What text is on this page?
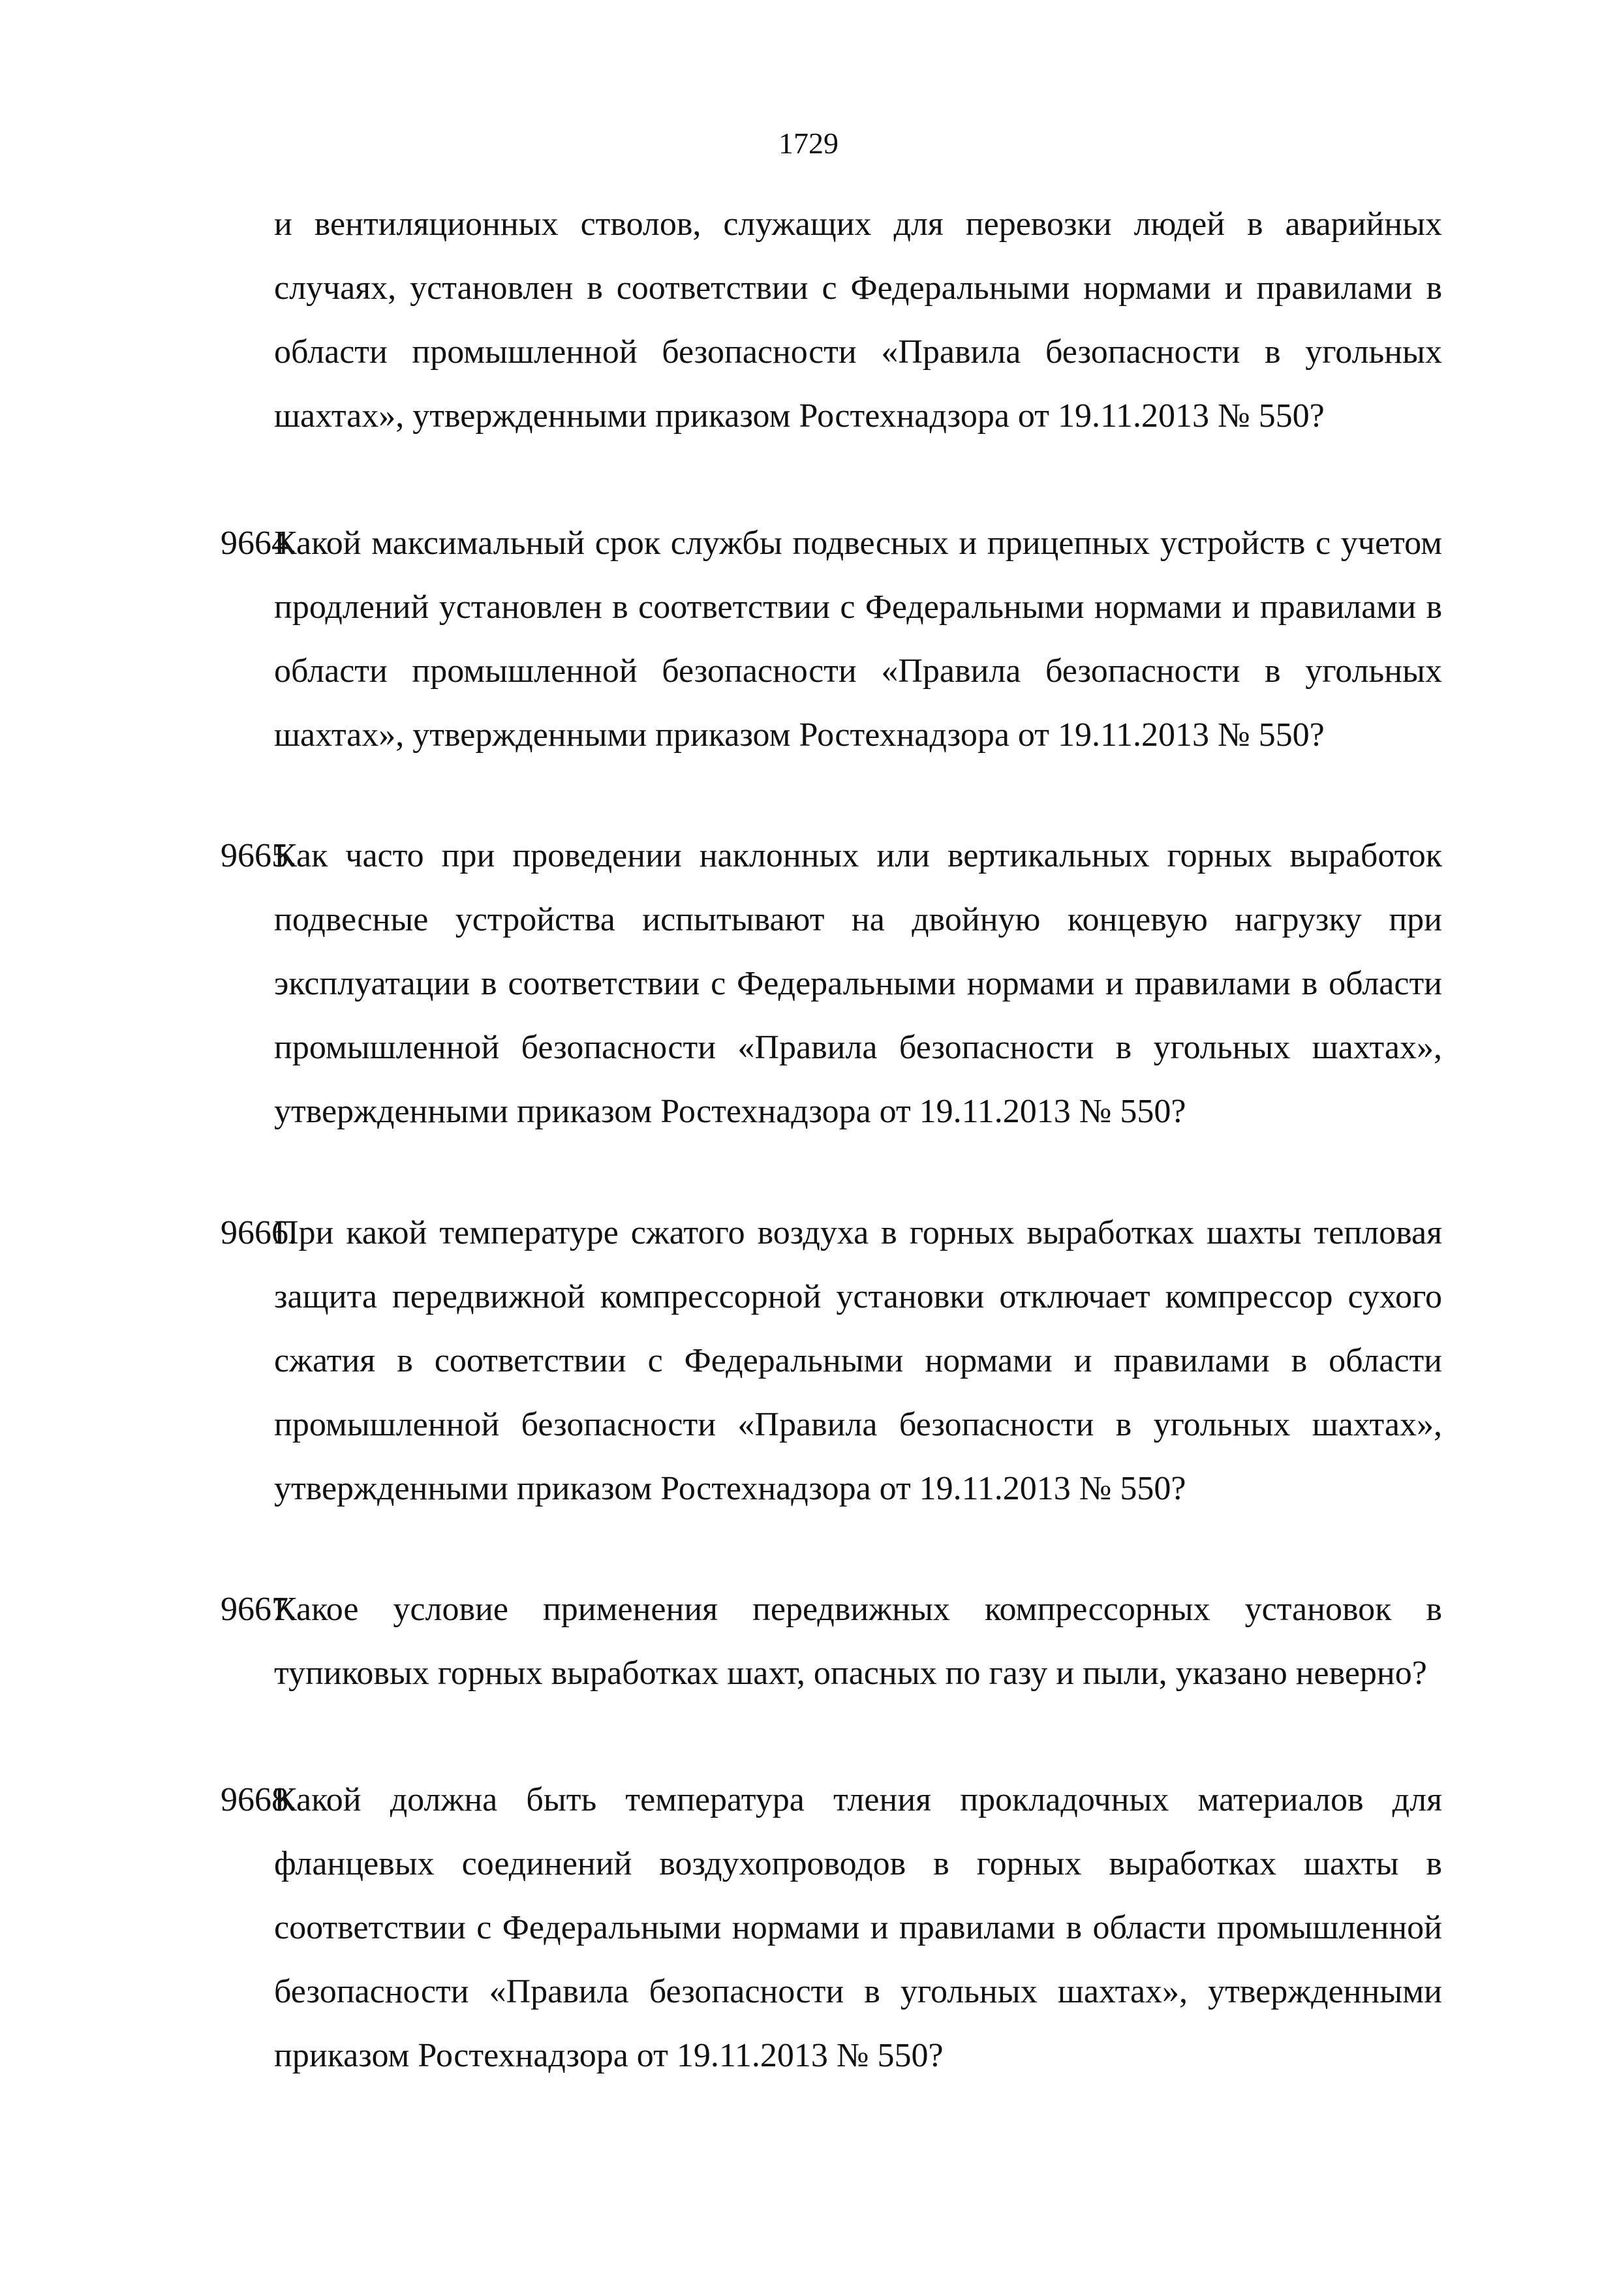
1729
и вентиляционных стволов, служащих для перевозки людей в аварийных случаях, установлен в соответствии с Федеральными нормами и правилами в области промышленной безопасности «Правила безопасности в угольных шахтах», утвержденными приказом Ростехнадзора от 19.11.2013 № 550?
9664.
Какой максимальный срок службы подвесных и прицепных устройств с учетом продлений установлен в соответствии с Федеральными нормами и правилами в области промышленной безопасности «Правила безопасности в угольных шахтах», утвержденными приказом Ростехнадзора от 19.11.2013 № 550?
9665.
Как часто при проведении наклонных или вертикальных горных выработок подвесные устройства испытывают на двойную концевую нагрузку при эксплуатации в соответствии с Федеральными нормами и правилами в области промышленной безопасности «Правила безопасности в угольных шахтах», утвержденными приказом Ростехнадзора от 19.11.2013 № 550?
9666.
При какой температуре сжатого воздуха в горных выработках шахты тепловая защита передвижной компрессорной установки отключает компрессор сухого сжатия в соответствии с Федеральными нормами и правилами в области промышленной безопасности «Правила безопасности в угольных шахтах», утвержденными приказом Ростехнадзора от 19.11.2013 № 550?
9667.
Какое условие применения передвижных компрессорных установок в тупиковых горных выработках шахт, опасных по газу и пыли, указано неверно?
9668.
Какой должна быть температура тления прокладочных материалов для фланцевых соединений воздухопроводов в горных выработках шахты в соответствии с Федеральными нормами и правилами в области промышленной безопасности «Правила безопасности в угольных шахтах», утвержденными приказом Ростехнадзора от 19.11.2013 № 550?
